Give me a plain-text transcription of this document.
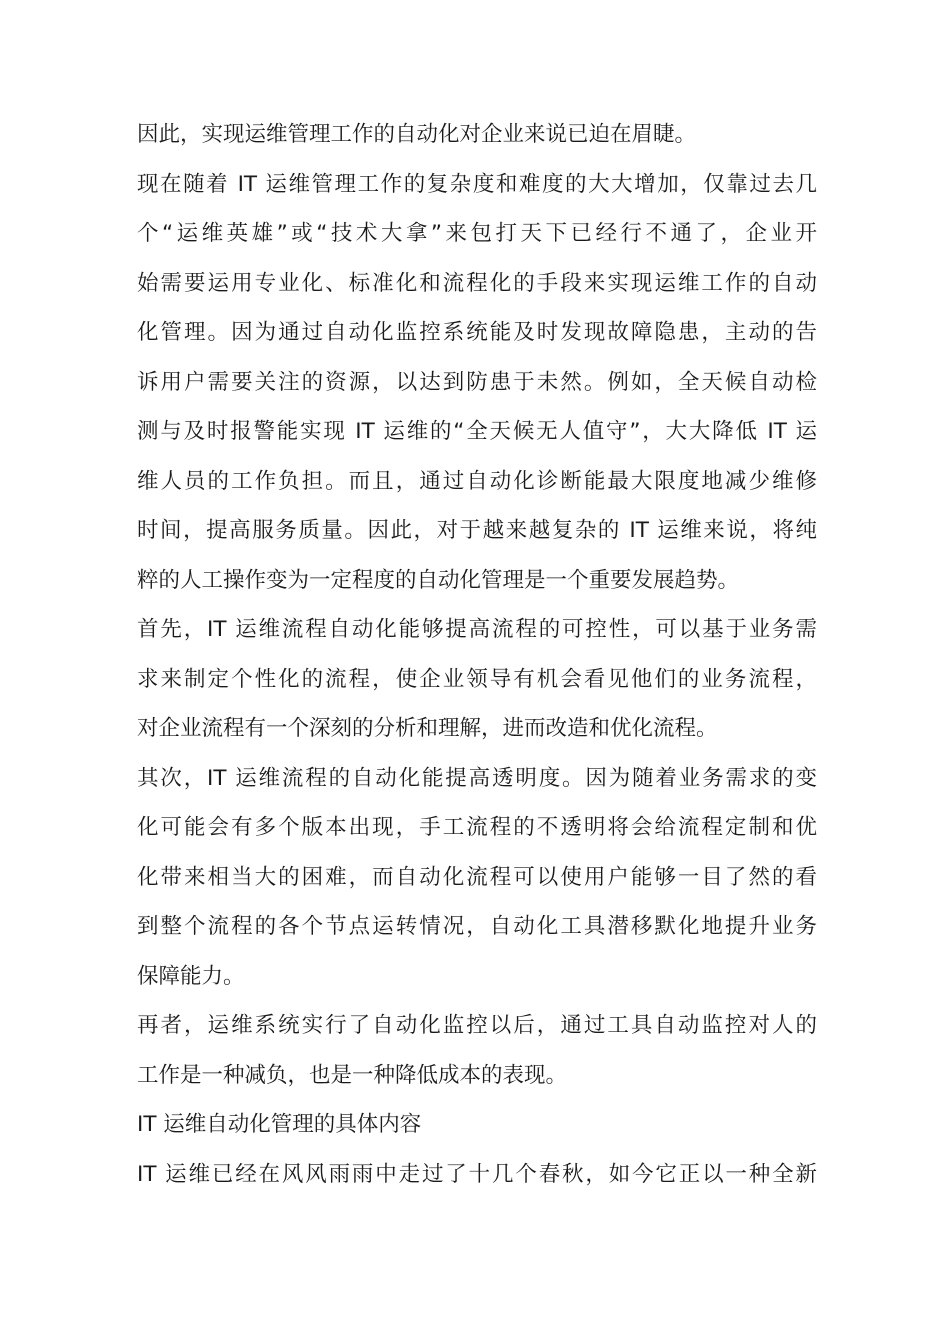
因此，实现运维管理工作的自动化对企业来说已迫在眉睫。
现在随着 IT 运维管理工作的复杂度和难度的大大增加，仅靠过去几
个“运维英雄”或“技术大拿”来包打天下已经行不通了，企业开
始需要运用专业化、标准化和流程化的手段来实现运维工作的自动
化管理。因为通过自动化监控系统能及时发现故障隐患，主动的告
诉用户需要关注的资源，以达到防患于未然。例如，全天候自动检
测与及时报警能实现 IT 运维的“全天候无人值守”，大大降低 IT 运
维人员的工作负担。而且，通过自动化诊断能最大限度地减少维修
时间，提高服务质量。因此，对于越来越复杂的 IT 运维来说，将纯
粹的人工操作变为一定程度的自动化管理是一个重要发展趋势。
首先，IT 运维流程自动化能够提高流程的可控性，可以基于业务需
求来制定个性化的流程，使企业领导有机会看见他们的业务流程，
对企业流程有一个深刻的分析和理解，进而改造和优化流程。
其次，IT 运维流程的自动化能提高透明度。因为随着业务需求的变
化可能会有多个版本出现，手工流程的不透明将会给流程定制和优
化带来相当大的困难，而自动化流程可以使用户能够一目了然的看
到整个流程的各个节点运转情况，自动化工具潜移默化地提升业务
保障能力。
再者，运维系统实行了自动化监控以后，通过工具自动监控对人的
工作是一种减负，也是一种降低成本的表现。
IT 运维自动化管理的具体内容
IT 运维已经在风风雨雨中走过了十几个春秋，如今它正以一种全新
